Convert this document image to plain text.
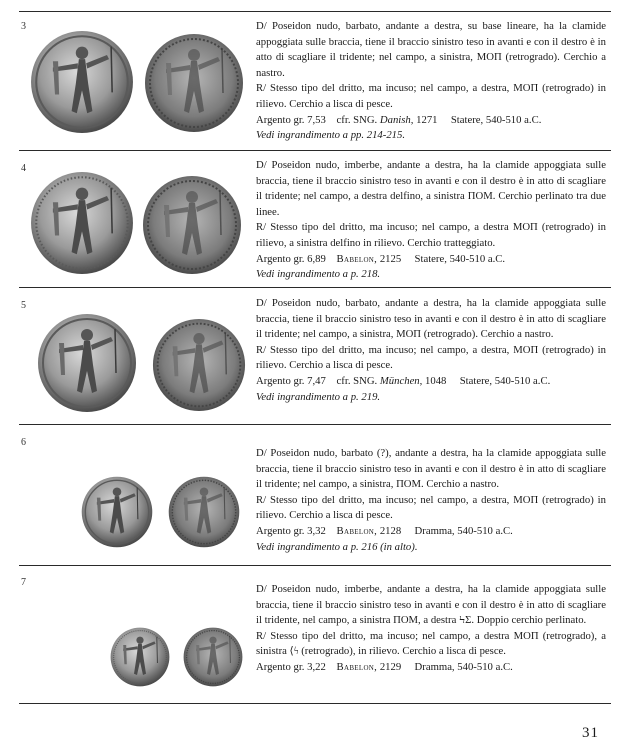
3	D/ Poseidon nudo, barbato, andante a destra, su base lineare, ha la clamide appoggiata sulle braccia, tiene il braccio sinistro teso in avanti e con il destro è in atto di scagliare il tridente; nel campo, a sinistra, ΜΟΠ (retrogrado). Cerchio a nastro.

R/ Stesso tipo del dritto, ma incuso; nel campo, a destra, ΜΟΠ (retrogrado) in rilievo. Cerchio a lisca di pesce.

Argento gr. 7,53
cfr. SNG.
Danish,
1271
Statere, 540-510 a.C.

Vedi ingrandimento a pp. 214-215.

4	D/ Poseidon nudo, imberbe, andante a destra, ha la clamide appoggiata sulle braccia, tiene il braccio sinistro teso in avanti e con il destro è in atto di scagliare il tridente; nel campo, a destra delfino, a sinistra ΠΟΜ. Cerchio perlinato tra due linee.

R/ Stesso tipo del dritto, ma incuso; nel campo, a destra ΜΟΠ (retrogrado) in rilievo, a sinistra delfino in rilievo. Cerchio tratteggiato.

Argento gr. 6,89
Babelon,
2125
Statere, 540-510 a.C.

Vedi ingrandimento a p. 218.

5	D/ Poseidon nudo, barbato, andante a destra, ha la clamide appoggiata sulle braccia, tiene il braccio sinistro teso in avanti e con il destro è in atto di scagliare il tridente; nel campo, a sinistra, ΜΟΠ (retrogrado). Cerchio a nastro.

R/ Stesso tipo del dritto, ma incuso; nel campo, a destra, ΜΟΠ (retrogrado) in rilievo. Cerchio a lisca di pesce.

Argento gr. 7,47
cfr. SNG.
München,
1048
Statere, 540-510 a.C.

Vedi ingrandimento a p. 219.

6

D/ Poseidon nudo, barbato (?), andante a destra, ha la clamide appoggiata sulle braccia, tiene il braccio sinistro teso in avanti e con il destro è in atto di scagliare il tridente; nel campo, a sinistra, ΠΟΜ. Cerchio a nastro.

R/ Stesso tipo del dritto, ma incuso; nel campo, a destra, ΜΟΠ (retrogrado) in rilievo. Cerchio a lisca di pesce.

Argento gr. 3,32
Babelon,
2128
Dramma, 540-510 a.C.

Vedi ingrandimento a p. 216 (in alto).

7

D/ Poseidon nudo, imberbe, andante a destra, ha la clamide appoggiata sulle braccia, tiene il braccio sinistro teso in avanti e con il destro è in atto di scagliare il tridente, nel campo, a sinistra ΠΟΜ, a destra ϞΣ. Doppio cerchio perlinato.

R/ Stesso tipo del dritto, ma incuso; nel campo, a destra ΜΟΠ (retrogrado), a sinistra ⟨ϟ (retrogrado), in rilievo. Cerchio a lisca di pesce.

Argento gr. 3,22
Babelon,
2129
Dramma, 540-510 a.C.

31
